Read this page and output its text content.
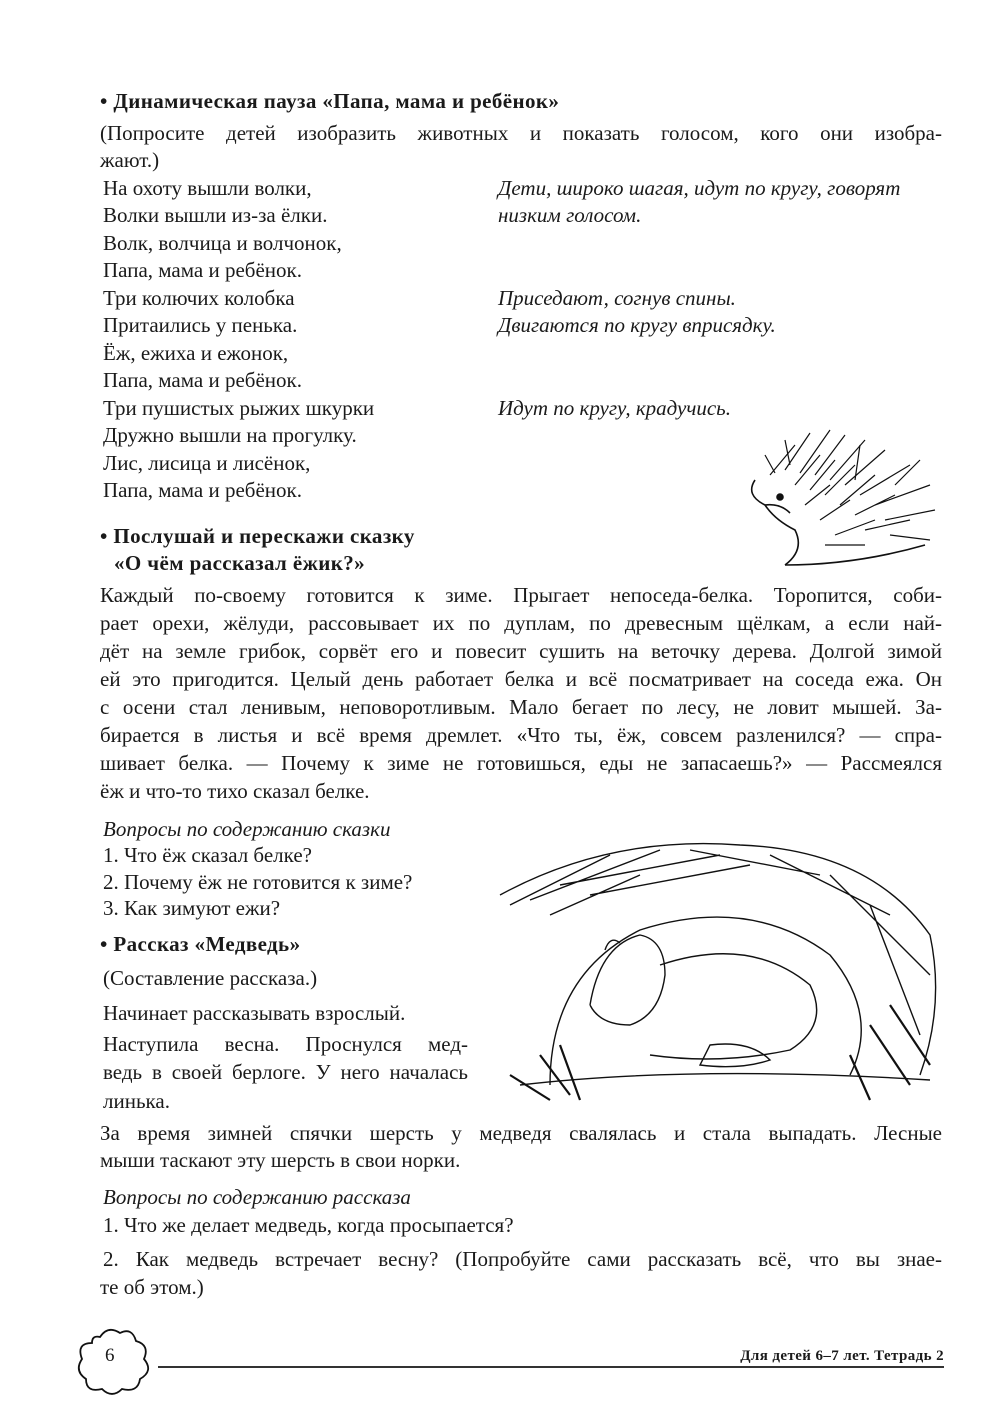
• Динамическая пауза «Папа, мама и ребёнок»
(Попросите детей изобразить животных и показать голосом, кого они изобра-
жают.)
На охоту вышли волки,
Волки вышли из-за ёлки.
Волк, волчица и волчонок,
Папа, мама и ребёнок.
Три колючих колобка
Притаились у пенька.
Ёж, ежиха и ежонок,
Папа, мама и ребёнок.
Три пушистых рыжих шкурки
Дружно вышли на прогулку.
Лис, лисица и лисёнок,
Папа, мама и ребёнок.
Дети, широко шагая, идут по кругу, говорят
низким голосом.
Приседают, согнув спины.
Двигаются по кругу вприсядку.
Идут по кругу, крадучись.
• Послушай и перескажи сказку
«О чём рассказал ёжик?»
Каждый по-своему готовится к зиме. Прыгает непоседа-белка. Торопится, соби-
рает орехи, жёлуди, рассовывает их по дуплам, по древесным щёлкам, а если най-
дёт на земле грибок, сорвёт его и повесит сушить на веточку дерева. Долгой зимой
ей это пригодится. Целый день работает белка и всё посматривает на соседа ежа. Он
с осени стал ленивым, неповоротливым. Мало бегает по лесу, не ловит мышей. За-
бирается в листья и всё время дремлет. «Что ты, ёж, совсем разленился? — спра-
шивает белка. — Почему к зиме не готовишься, еды не запасаешь?» — Рассмеялся
ёж и что-то тихо сказал белке.
Вопросы по содержанию сказки
1. Что ёж сказал белке?
2. Почему ёж не готовится к зиме?
3. Как зимуют ежи?
• Рассказ «Медведь»
(Составление рассказа.)
Начинает рассказывать взрослый.
Наступила весна. Проснулся мед-
ведь в своей берлоге. У него началась
линька.
За время зимней спячки шерсть у медведя свалялась и стала выпадать. Лесные
мыши таскают эту шерсть в свои норки.
Вопросы по содержанию рассказа
1. Что же делает медведь, когда просыпается?
2. Как медведь встречает весну? (Попробуйте сами рассказать всё, что вы знае-
те об этом.)
6	Для детей 6–7 лет. Тетрадь 2
